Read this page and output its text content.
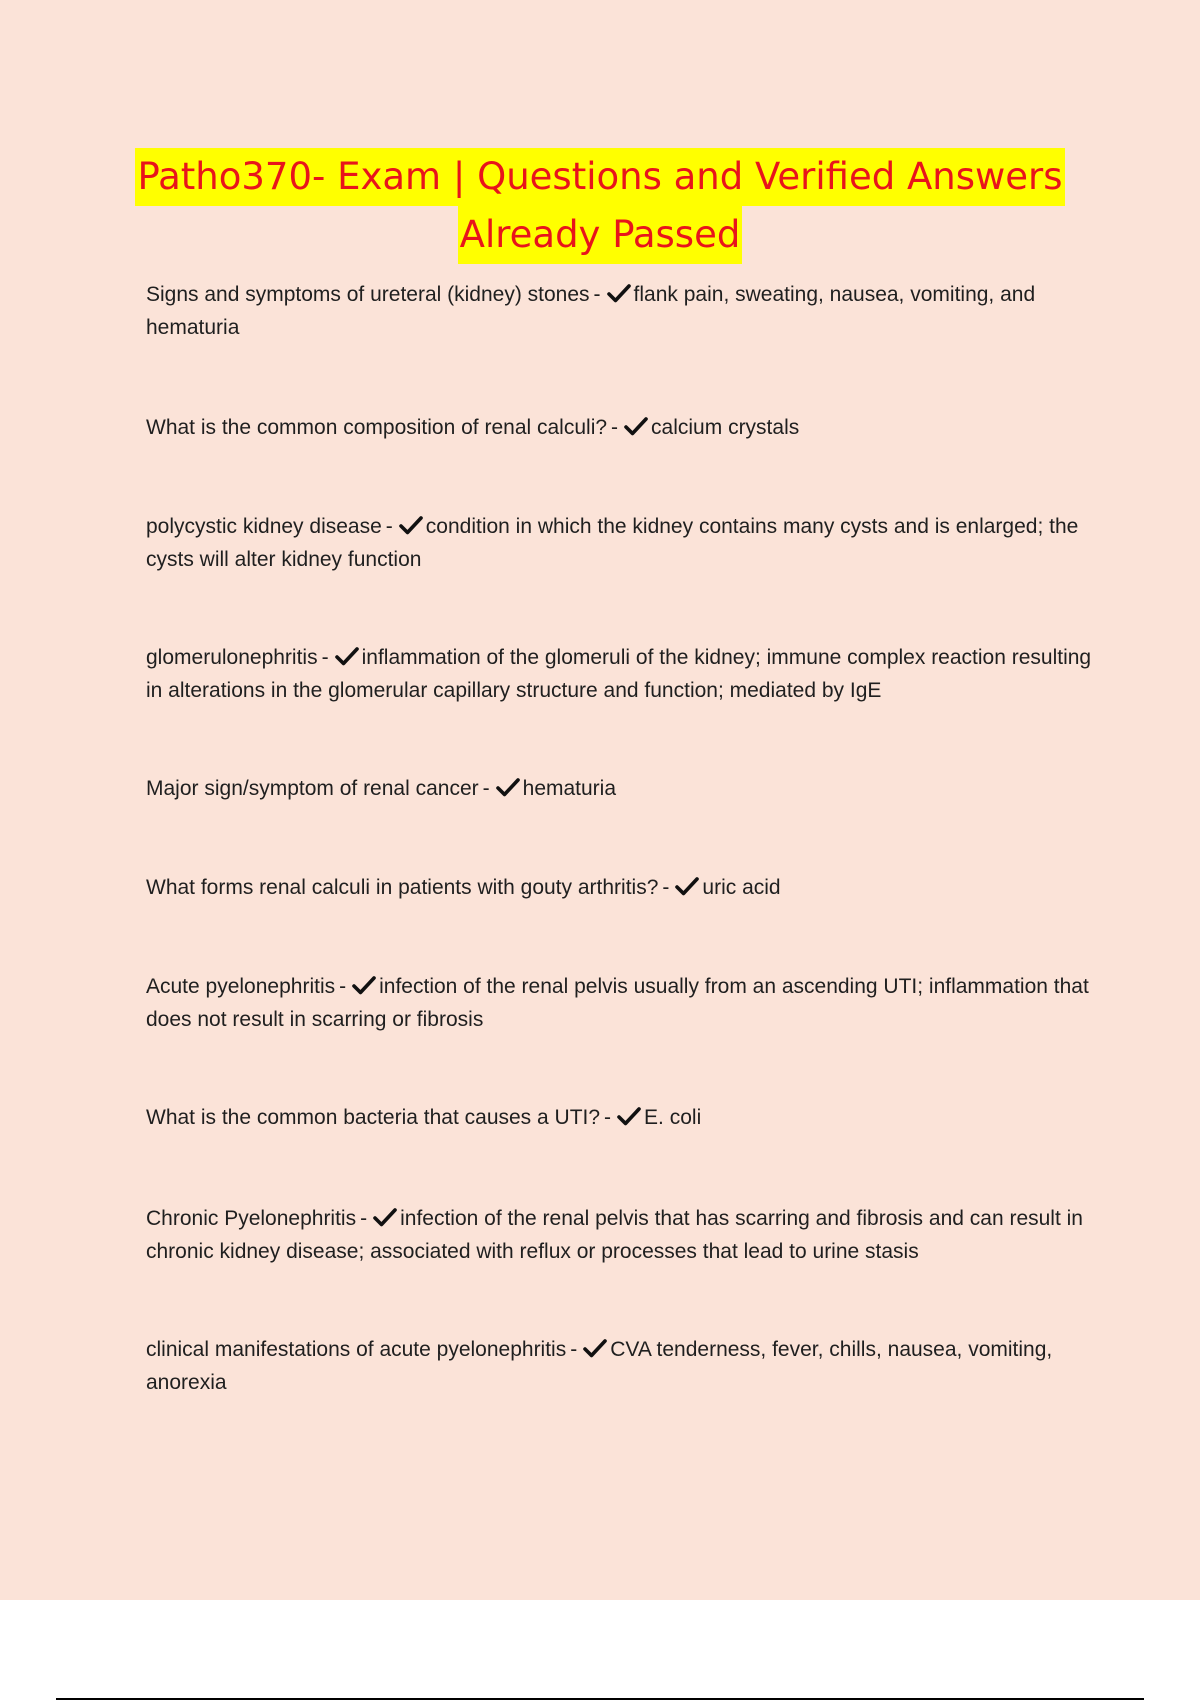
Patho370- Exam | Questions and Verified Answers
Already Passed
Signs and symptoms of ureteral (kidney) stones - flank pain, sweating, nausea, vomiting, and hematuria
What is the common composition of renal calculi? - calcium crystals
polycystic kidney disease - condition in which the kidney contains many cysts and is enlarged; the cysts will alter kidney function
glomerulonephritis - inflammation of the glomeruli of the kidney; immune complex reaction resulting in alterations in the glomerular capillary structure and function; mediated by IgE
Major sign/symptom of renal cancer - hematuria
What forms renal calculi in patients with gouty arthritis? - uric acid
Acute pyelonephritis - infection of the renal pelvis usually from an ascending UTI; inflammation that does not result in scarring or fibrosis
What is the common bacteria that causes a UTI? - E. coli
Chronic Pyelonephritis - infection of the renal pelvis that has scarring and fibrosis and can result in chronic kidney disease; associated with reflux or processes that lead to urine stasis
clinical manifestations of acute pyelonephritis - CVA tenderness, fever, chills, nausea, vomiting, anorexia
